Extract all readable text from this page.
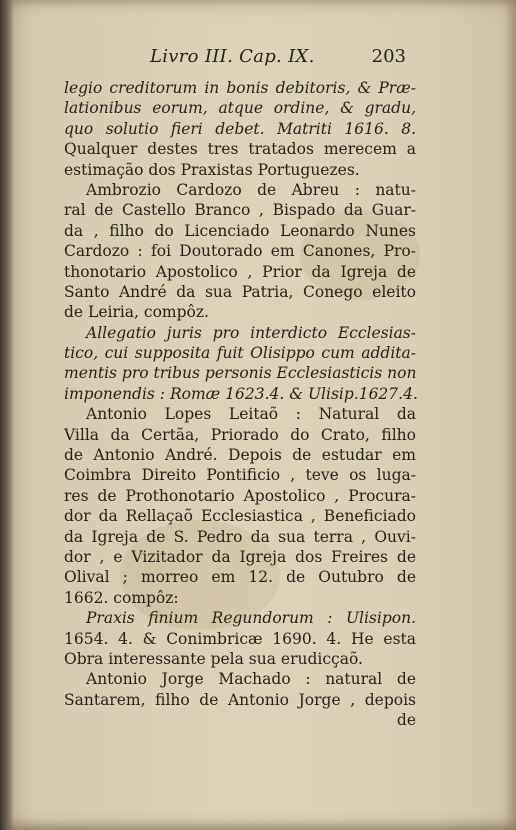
Livro III. Cap. IX.	203
legio creditorum in bonis debitoris, & Præ-
lationibus eorum, atque ordine, & gradu,
quo solutio fieri debet. Matriti 1616. 8.
Qualquer destes tres tratados merecem a
estimação dos Praxistas Portuguezes.
Ambrozio Cardozo de Abreu : natu-
ral de Castello Branco , Bispado da Guar-
da , filho do Licenciado Leonardo Nunes
Cardozo : foi Doutorado em Canones, Pro-
thonotario Apostolico , Prior da Igreja de
Santo André da sua Patria, Conego eleito
de Leiria, compôz.
Allegatio juris pro interdicto Ecclesias-
tico, cui supposita fuit Olisippo cum addita-
mentis pro tribus personis Ecclesiasticis non
imponendis : Romæ 1623.4. & Ulisip.1627.4.
Antonio Lopes Leitaõ : Natural da
Villa da Certãa, Priorado do Crato, filho
de Antonio André. Depois de estudar em
Coimbra Direito Pontificio , teve os luga-
res de Prothonotario Apostolico , Procura-
dor da Rellaçaõ Ecclesiastica , Beneficiado
da Igreja de S. Pedro da sua terra , Ouvi-
dor , e Vizitador da Igreja dos Freires de
Olival ; morreo em 12. de Outubro de
1662. compôz:
Praxis finium Regundorum : Ulisipon.
1654. 4. & Conimbricæ 1690. 4. He esta
Obra interessante pela sua erudicçaõ.
Antonio Jorge Machado : natural de
Santarem, filho de Antonio Jorge , depois
de
